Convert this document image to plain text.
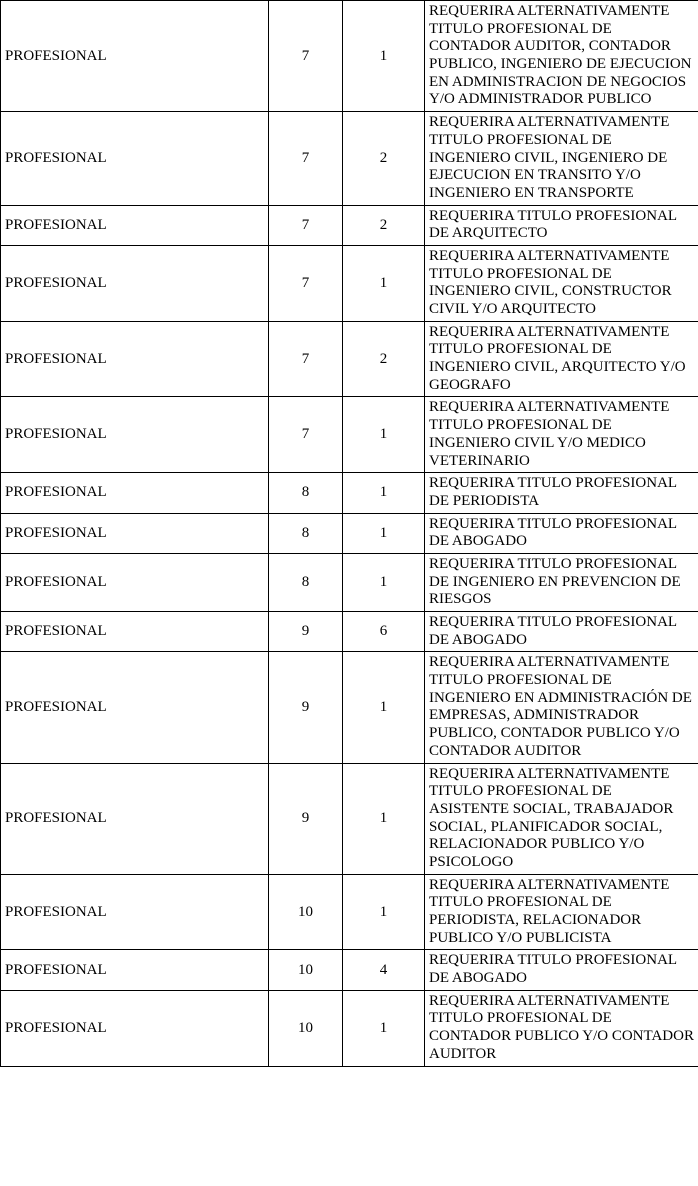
PROFESIONAL	7	1	REQUERIRA ALTERNATIVAMENTE TITULO PROFESIONAL DE CONTADOR AUDITOR, CONTADOR PUBLICO, INGENIERO DE EJECUCION EN ADMINISTRACION DE NEGOCIOS Y/O ADMINISTRADOR PUBLICO
PROFESIONAL	7	2	REQUERIRA ALTERNATIVAMENTE TITULO PROFESIONAL DE INGENIERO CIVIL, INGENIERO DE EJECUCION EN TRANSITO Y/O INGENIERO EN TRANSPORTE
PROFESIONAL	7	2	REQUERIRA TITULO PROFESIONAL DE ARQUITECTO
PROFESIONAL	7	1	REQUERIRA ALTERNATIVAMENTE TITULO PROFESIONAL DE INGENIERO CIVIL, CONSTRUCTOR CIVIL Y/O ARQUITECTO
PROFESIONAL	7	2	REQUERIRA ALTERNATIVAMENTE TITULO PROFESIONAL DE INGENIERO CIVIL, ARQUITECTO Y/O GEOGRAFO
PROFESIONAL	7	1	REQUERIRA ALTERNATIVAMENTE TITULO PROFESIONAL DE INGENIERO CIVIL Y/O MEDICO VETERINARIO
PROFESIONAL	8	1	REQUERIRA TITULO PROFESIONAL DE PERIODISTA
PROFESIONAL	8	1	REQUERIRA TITULO PROFESIONAL DE ABOGADO
PROFESIONAL	8	1	REQUERIRA TITULO PROFESIONAL DE INGENIERO EN PREVENCION DE RIESGOS
PROFESIONAL	9	6	REQUERIRA TITULO PROFESIONAL DE ABOGADO
PROFESIONAL	9	1	REQUERIRA ALTERNATIVAMENTE TITULO PROFESIONAL DE INGENIERO EN ADMINISTRACIÓN DE EMPRESAS, ADMINISTRADOR PUBLICO, CONTADOR PUBLICO Y/O CONTADOR AUDITOR
PROFESIONAL	9	1	REQUERIRA ALTERNATIVAMENTE TITULO PROFESIONAL DE ASISTENTE SOCIAL, TRABAJADOR SOCIAL, PLANIFICADOR SOCIAL, RELACIONADOR PUBLICO Y/O PSICOLOGO
PROFESIONAL	10	1	REQUERIRA ALTERNATIVAMENTE TITULO PROFESIONAL DE PERIODISTA, RELACIONADOR PUBLICO Y/O PUBLICISTA
PROFESIONAL	10	4	REQUERIRA TITULO PROFESIONAL DE ABOGADO
PROFESIONAL	10	1	REQUERIRA ALTERNATIVAMENTE TITULO PROFESIONAL DE CONTADOR PUBLICO Y/O CONTADOR AUDITOR
